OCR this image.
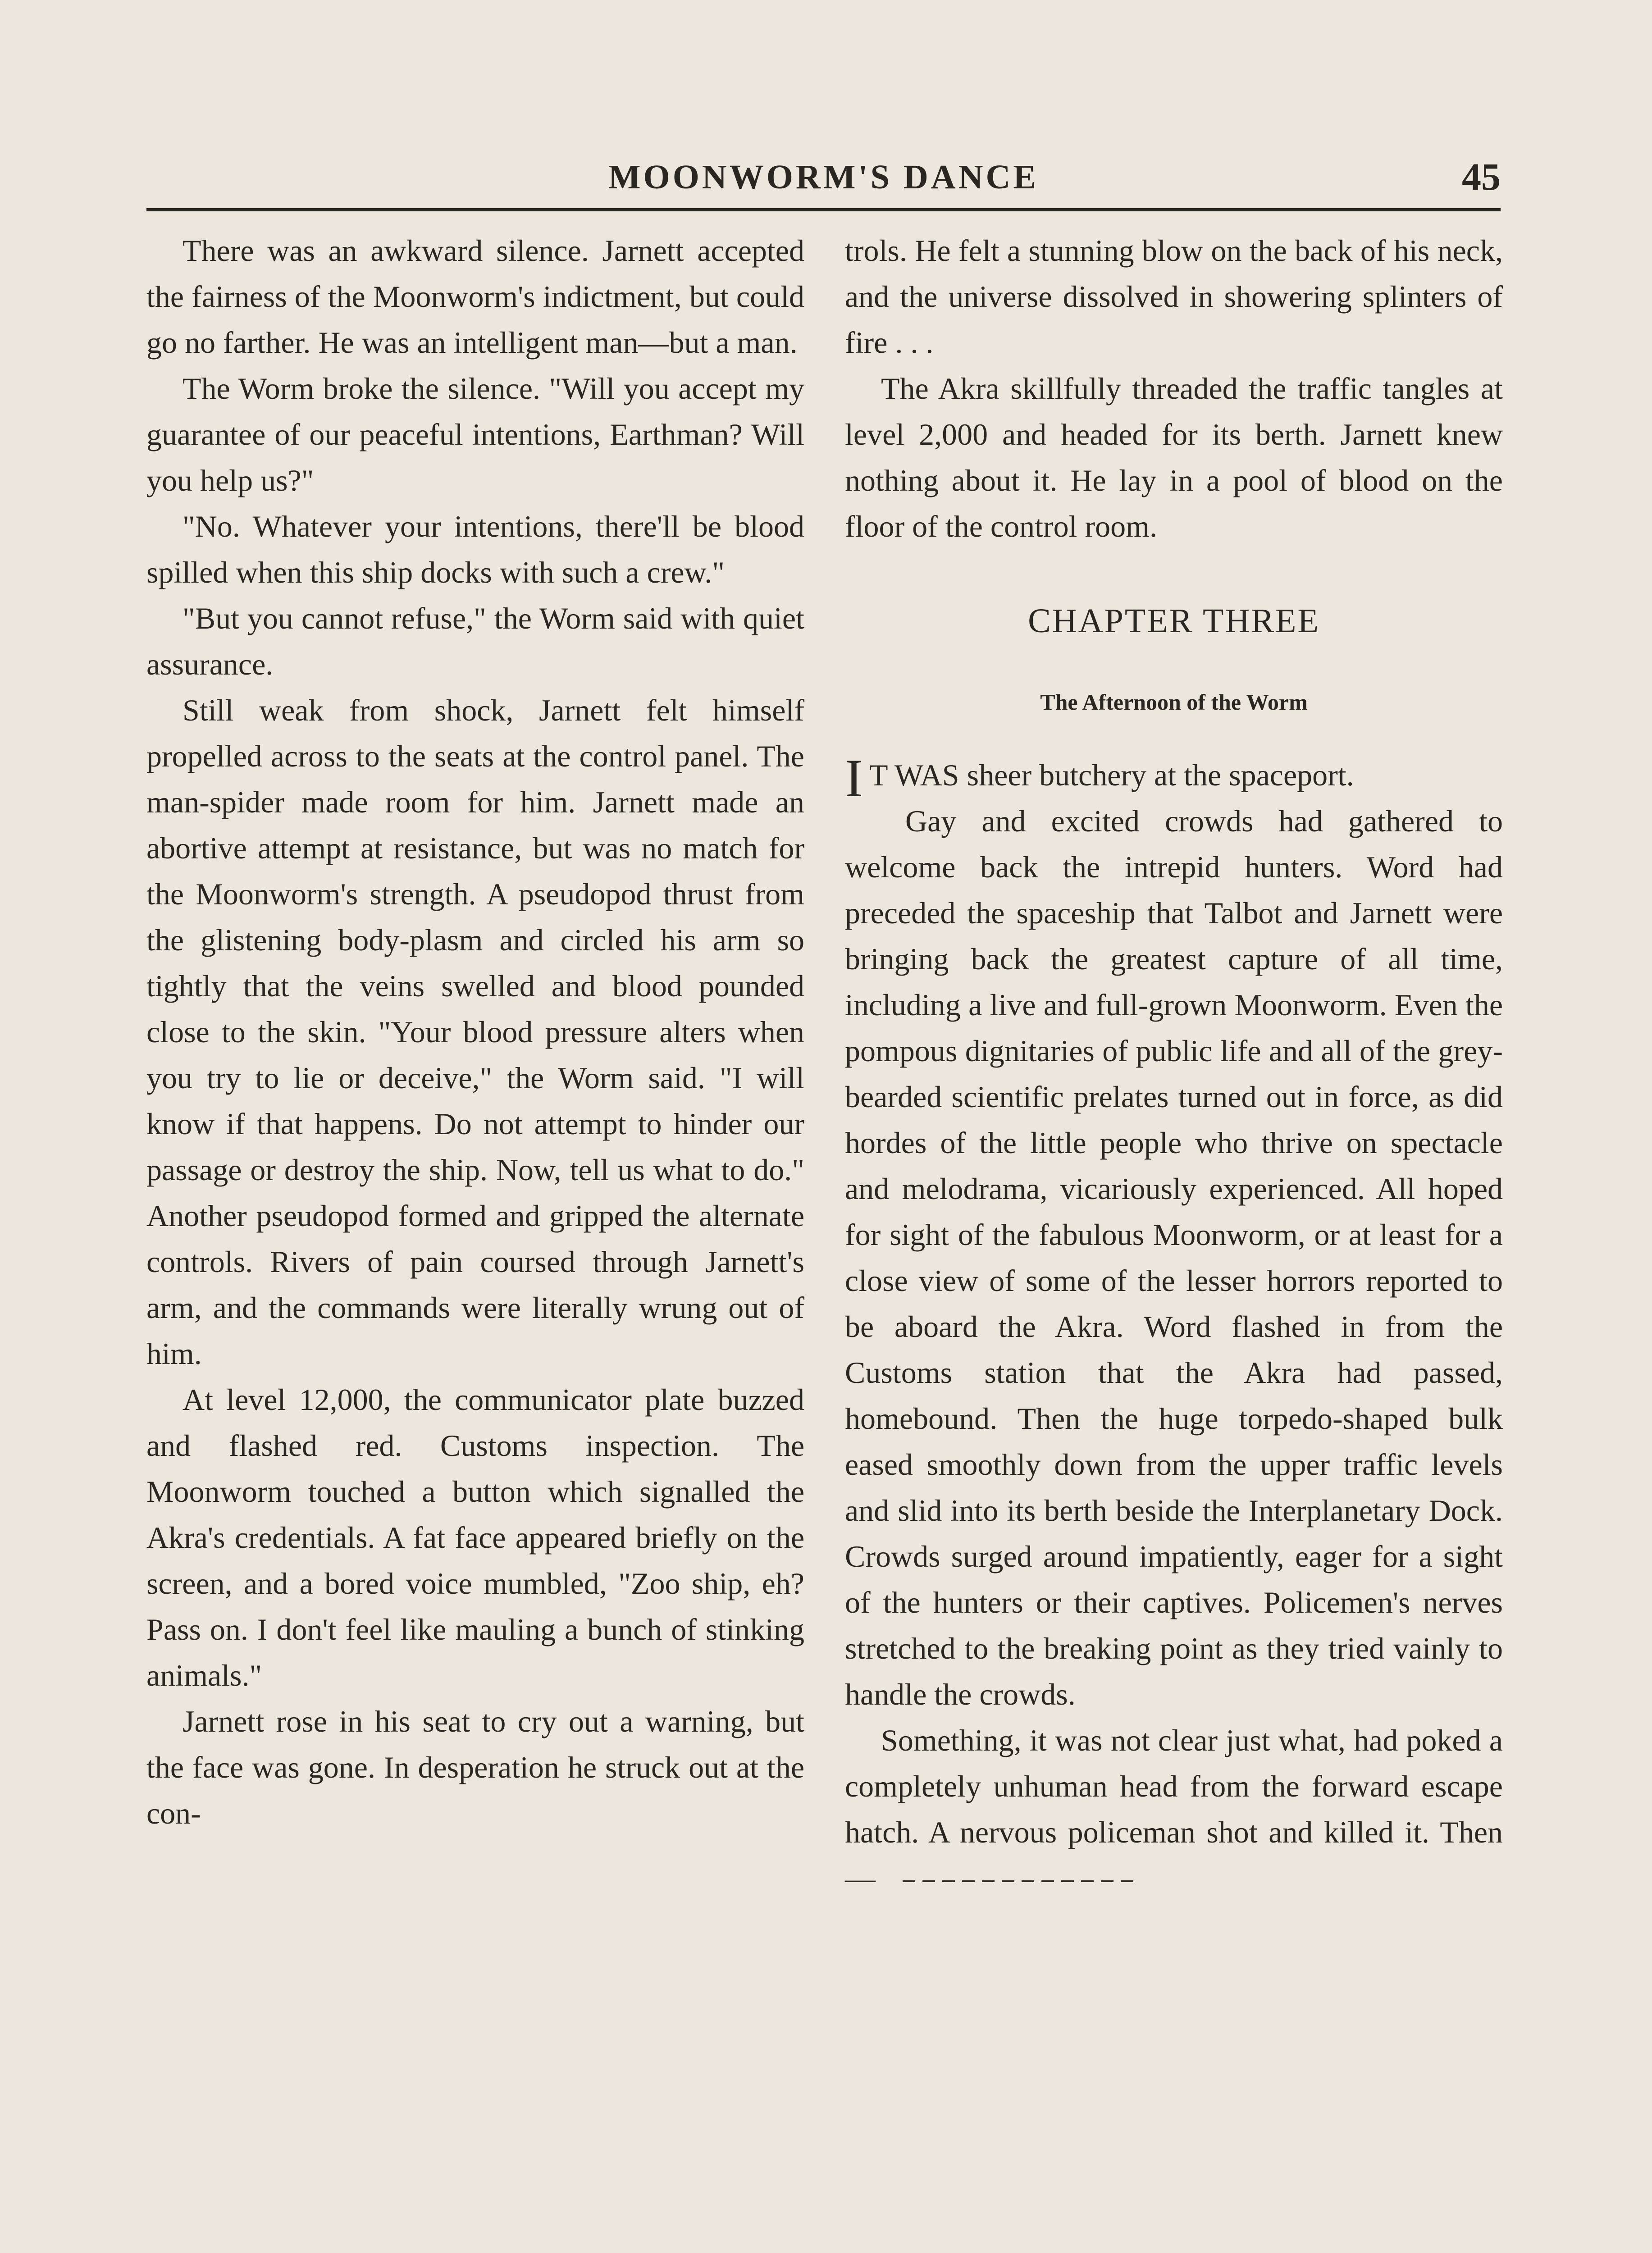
MOONWORM'S DANCE	45

There was an awkward silence. Jarnett accepted the fairness of the Moonworm's indictment, but could go no farther. He was an intelligent man—but a man.

The Worm broke the silence. "Will you accept my guarantee of our peaceful intentions, Earthman? Will you help us?"

"No. Whatever your intentions, there'll be blood spilled when this ship docks with such a crew."

"But you cannot refuse," the Worm said with quiet assurance.

Still weak from shock, Jarnett felt himself propelled across to the seats at the control panel. The man-spider made room for him. Jarnett made an abortive attempt at resistance, but was no match for the Moonworm's strength. A pseudopod thrust from the glistening body-plasm and circled his arm so tightly that the veins swelled and blood pounded close to the skin. "Your blood pressure alters when you try to lie or deceive," the Worm said. "I will know if that happens. Do not attempt to hinder our passage or destroy the ship. Now, tell us what to do." Another pseudopod formed and gripped the alternate controls. Rivers of pain coursed through Jarnett's arm, and the commands were literally wrung out of him.

At level 12,000, the communicator plate buzzed and flashed red. Customs inspection. The Moonworm touched a button which signalled the Akra's credentials. A fat face appeared briefly on the screen, and a bored voice mumbled, "Zoo ship, eh? Pass on. I don't feel like mauling a bunch of stinking animals."

Jarnett rose in his seat to cry out a warning, but the face was gone. In desperation he struck out at the con-

trols. He felt a stunning blow on the back of his neck, and the universe dissolved in showering splinters of fire . . .

The Akra skillfully threaded the traffic tangles at level 2,000 and headed for its berth. Jarnett knew nothing about it. He lay in a pool of blood on the floor of the control room.

CHAPTER THREE
The Afternoon of the Worm

I T WAS sheer butchery at the spaceport.

Gay and excited crowds had gathered to welcome back the intrepid hunters. Word had preceded the spaceship that Talbot and Jarnett were bringing back the greatest capture of all time, including a live and full-grown Moonworm. Even the pompous dignitaries of public life and all of the grey-bearded scientific prelates turned out in force, as did hordes of the little people who thrive on spectacle and melodrama, vicariously experienced. All hoped for sight of the fabulous Moonworm, or at least for a close view of some of the lesser horrors reported to be aboard the Akra. Word flashed in from the Customs station that the Akra had passed, homebound. Then the huge torpedo-shaped bulk eased smoothly down from the upper traffic levels and slid into its berth beside the Interplanetary Dock. Crowds surged around impatiently, eager for a sight of the hunters or their captives. Policemen's nerves stretched to the breaking point as they tried vainly to handle the crowds.

Something, it was not clear just what, had poked a completely unhuman head from the forward escape hatch. A nervous policeman shot and killed it. Then—
